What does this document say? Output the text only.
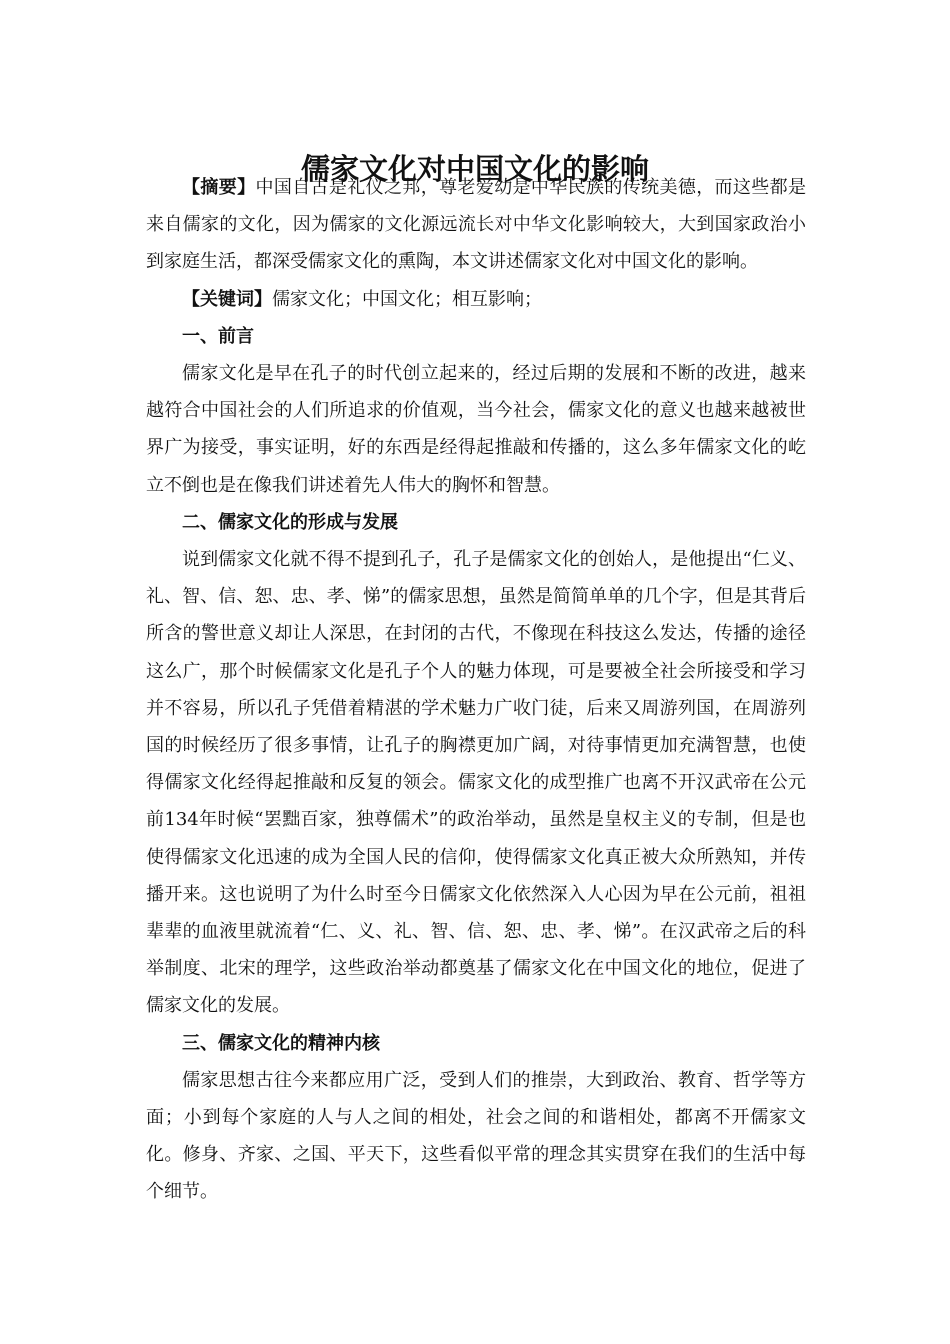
儒家文化对中国文化的影响

【摘要】中国自古是礼仪之邦，尊老爱幼是中华民族的传统美德，而这些都是来自儒家的文化，因为儒家的文化源远流长对中华文化影响较大，大到国家政治小到家庭生活，都深受儒家文化的熏陶，本文讲述儒家文化对中国文化的影响。

【关键词】儒家文化；中国文化；相互影响；

一、前言

儒家文化是早在孔子的时代创立起来的，经过后期的发展和不断的改进，越来越符合中国社会的人们所追求的价值观，当今社会，儒家文化的意义也越来越被世界广为接受，事实证明，好的东西是经得起推敲和传播的，这么多年儒家文化的屹立不倒也是在像我们讲述着先人伟大的胸怀和智慧。

二、儒家文化的形成与发展

说到儒家文化就不得不提到孔子，孔子是儒家文化的创始人，是他提出“仁义、礼、智、信、恕、忠、孝、悌”的儒家思想，虽然是简简单单的几个字，但是其背后所含的警世意义却让人深思，在封闭的古代，不像现在科技这么发达，传播的途径这么广，那个时候儒家文化是孔子个人的魅力体现，可是要被全社会所接受和学习并不容易，所以孔子凭借着精湛的学术魅力广收门徒，后来又周游列国，在周游列国的时候经历了很多事情，让孔子的胸襟更加广阔，对待事情更加充满智慧，也使得儒家文化经得起推敲和反复的领会。儒家文化的成型推广也离不开汉武帝在公元前134年时候“罢黜百家，独尊儒术”的政治举动，虽然是皇权主义的专制，但是也使得儒家文化迅速的成为全国人民的信仰，使得儒家文化真正被大众所熟知，并传播开来。这也说明了为什么时至今日儒家文化依然深入人心因为早在公元前，祖祖辈辈的血液里就流着“仁、义、礼、智、信、恕、忠、孝、悌”。在汉武帝之后的科举制度、北宋的理学，这些政治举动都奠基了儒家文化在中国文化的地位，促进了儒家文化的发展。

三、儒家文化的精神内核

儒家思想古往今来都应用广泛，受到人们的推崇，大到政治、教育、哲学等方面；小到每个家庭的人与人之间的相处，社会之间的和谐相处，都离不开儒家文化。修身、齐家、之国、平天下，这些看似平常的理念其实贯穿在我们的生活中每个细节。
